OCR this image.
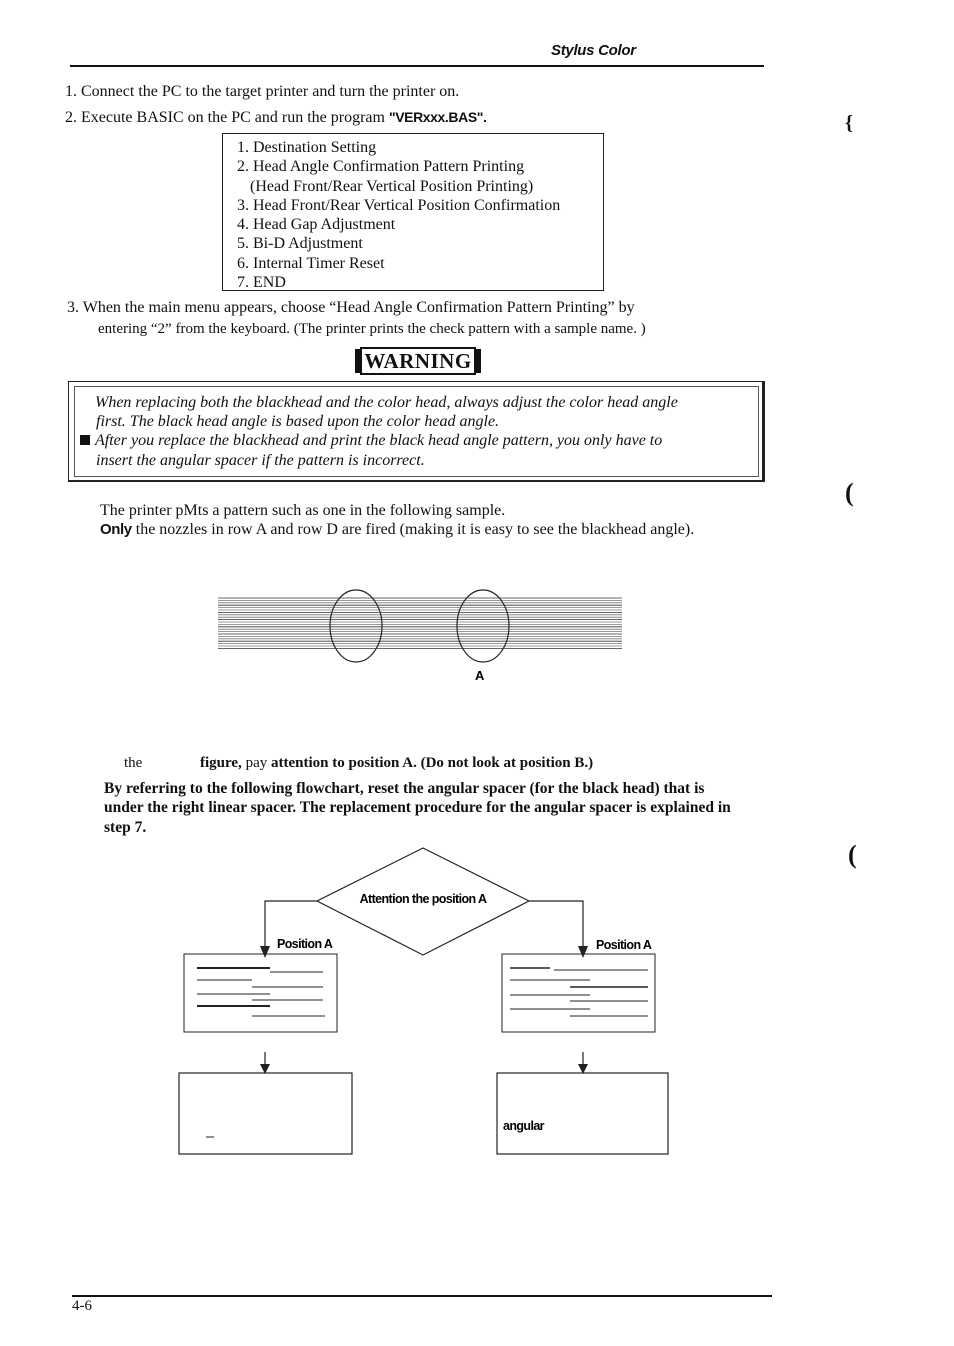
Stylus Color
1. Connect the PC to the target printer and turn the printer on.
2. Execute BASIC on the PC and run the program "VERxxx.BAS".
1. Destination Setting
2. Head Angle Confirmation Pattern Printing
(Head Front/Rear Vertical Position Printing)
3. Head Front/Rear Vertical Position Confirmation
4. Head Gap Adjustment
5. Bi-D Adjustment
6. Internal Timer Reset
7. END
3. When the main menu appears, choose “Head Angle Confirmation Pattern Printing” by
entering “2” from the keyboard. (The printer prints the check pattern with a sample name. )
WARNING
When replacing both the blackhead and the color head, always adjust the color head angle
first. The black head angle is based upon the color head angle.
After you replace the blackhead and print the black head angle pattern, you only have to
insert the angular spacer if the pattern is incorrect.
The printer pMts a pattern such as one in the following sample.
Only the nozzles in row A and row D are fired (making it is easy to see the blackhead angle).
A
the	figure, pay attention to position A. (Do not look at position B.)
By referring to the following flowchart, reset the angular spacer (for the black head) that is
under the right linear spacer. The replacement procedure for the angular spacer is explained in
step 7.
Attention the position A
Position A	Position A
angular
{
(
(
4-6
